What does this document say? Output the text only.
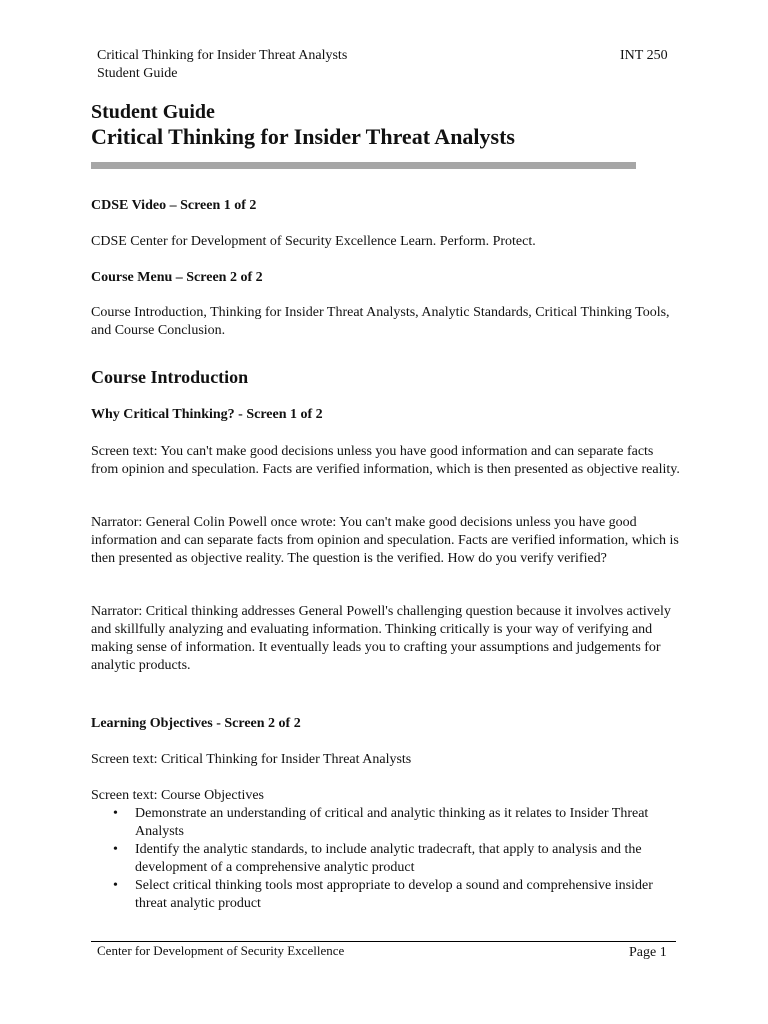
Critical Thinking for Insider Threat Analysts
Student Guide
INT 250
Student Guide
Critical Thinking for Insider Threat Analysts
CDSE Video – Screen 1 of 2
CDSE Center for Development of Security Excellence Learn. Perform. Protect.
Course Menu – Screen 2 of 2
Course Introduction, Thinking for Insider Threat Analysts, Analytic Standards, Critical Thinking Tools, and Course Conclusion.
Course Introduction
Why Critical Thinking? - Screen 1 of 2
Screen text: You can't make good decisions unless you have good information and can separate facts from opinion and speculation. Facts are verified information, which is then presented as objective reality.
Narrator: General Colin Powell once wrote: You can't make good decisions unless you have good information and can separate facts from opinion and speculation. Facts are verified information, which is then presented as objective reality. The question is the verified. How do you verify verified?
Narrator: Critical thinking addresses General Powell's challenging question because it involves actively and skillfully analyzing and evaluating information. Thinking critically is your way of verifying and making sense of information. It eventually leads you to crafting your assumptions and judgements for analytic products.
Learning Objectives - Screen 2 of 2
Screen text: Critical Thinking for Insider Threat Analysts
Screen text: Course Objectives
• Demonstrate an understanding of critical and analytic thinking as it relates to Insider Threat Analysts
• Identify the analytic standards, to include analytic tradecraft, that apply to analysis and the development of a comprehensive analytic product
• Select critical thinking tools most appropriate to develop a sound and comprehensive insider threat analytic product
Center for Development of Security Excellence	Page 1
